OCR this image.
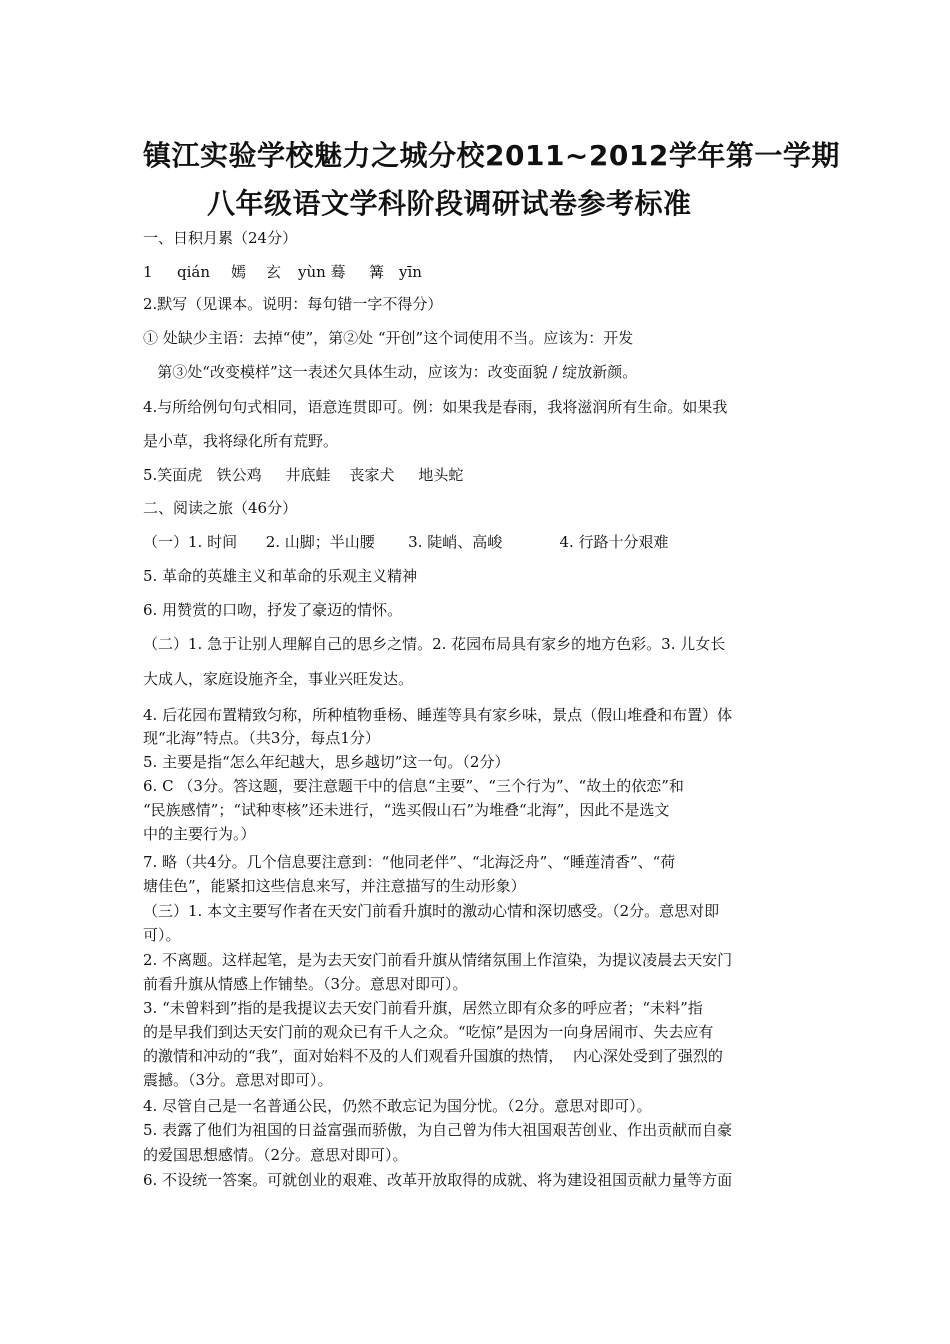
镇江实验学校魅力之城分校2011~2012学年第一学期
八年级语文学科阶段调研试卷参考标准
一、日积月累（24分）
1 qián 嫣 玄 yùn 蓦 篝 yīn
2.默写（见课本。说明：每句错一字不得分）
① 处缺少主语：去掉“使”，第②处 “开创”这个词使用不当。应该为：开发
第③处“改变模样”这一表述欠具体生动，应该为：改变面貌 / 绽放新颜。
4.与所给例句句式相同，语意连贯即可。例：如果我是春雨，我将滋润所有生命。如果我
是小草，我将绿化所有荒野。
5.笑面虎   铁公鸡     井底蛙    丧家犬     地头蛇
二、阅读之旅（46分）
（一）1. 时间      2. 山脚；半山腰       3. 陡峭、高峻            4. 行路十分艰难
5. 革命的英雄主义和革命的乐观主义精神
6. 用赞赏的口吻，抒发了豪迈的情怀。
（二）1. 急于让别人理解自己的思乡之情。2. 花园布局具有家乡的地方色彩。3. 儿女长
大成人，家庭设施齐全，事业兴旺发达。
4. 后花园布置精致匀称，所种植物垂杨、睡莲等具有家乡味，景点（假山堆叠和布置）体
现“北海”特点。（共3分，每点1分）
5. 主要是指“怎么年纪越大，思乡越切”这一句。（2分）
6. C （3分。答这题，要注意题干中的信息“主要”、“三个行为”、“故土的依恋”和
“民族感情”；“试种枣核”还未进行，“选买假山石”为堆叠“北海”，因此不是选文
中的主要行为。）
7. 略（共4分。几个信息要注意到：“他同老伴”、“北海泛舟”、“睡莲清香”、“荷
塘佳色”，能紧扣这些信息来写，并注意描写的生动形象）
（三）1. 本文主要写作者在天安门前看升旗时的激动心情和深切感受。（2分。意思对即
可）。
2. 不离题。这样起笔，是为去天安门前看升旗从情绪氛围上作渲染，为提议凌晨去天安门
前看升旗从情感上作铺垫。（3分。意思对即可）。
3. “未曾料到”指的是我提议去天安门前看升旗，居然立即有众多的呼应者；“未料”指
的是早我们到达天安门前的观众已有千人之众。“吃惊”是因为一向身居闹市、失去应有
的激情和冲动的“我”，面对始料不及的人们观看升国旗的热情，  内心深处受到了强烈的
震撼。（3分。意思对即可）。
4. 尽管自己是一名普通公民，仍然不敢忘记为国分忧。（2分。意思对即可）。
5. 表露了他们为祖国的日益富强而骄傲，为自己曾为伟大祖国艰苦创业、作出贡献而自豪
的爱国思想感情。（2分。意思对即可）。
6. 不设统一答案。可就创业的艰难、改革开放取得的成就、将为建设祖国贡献力量等方面
